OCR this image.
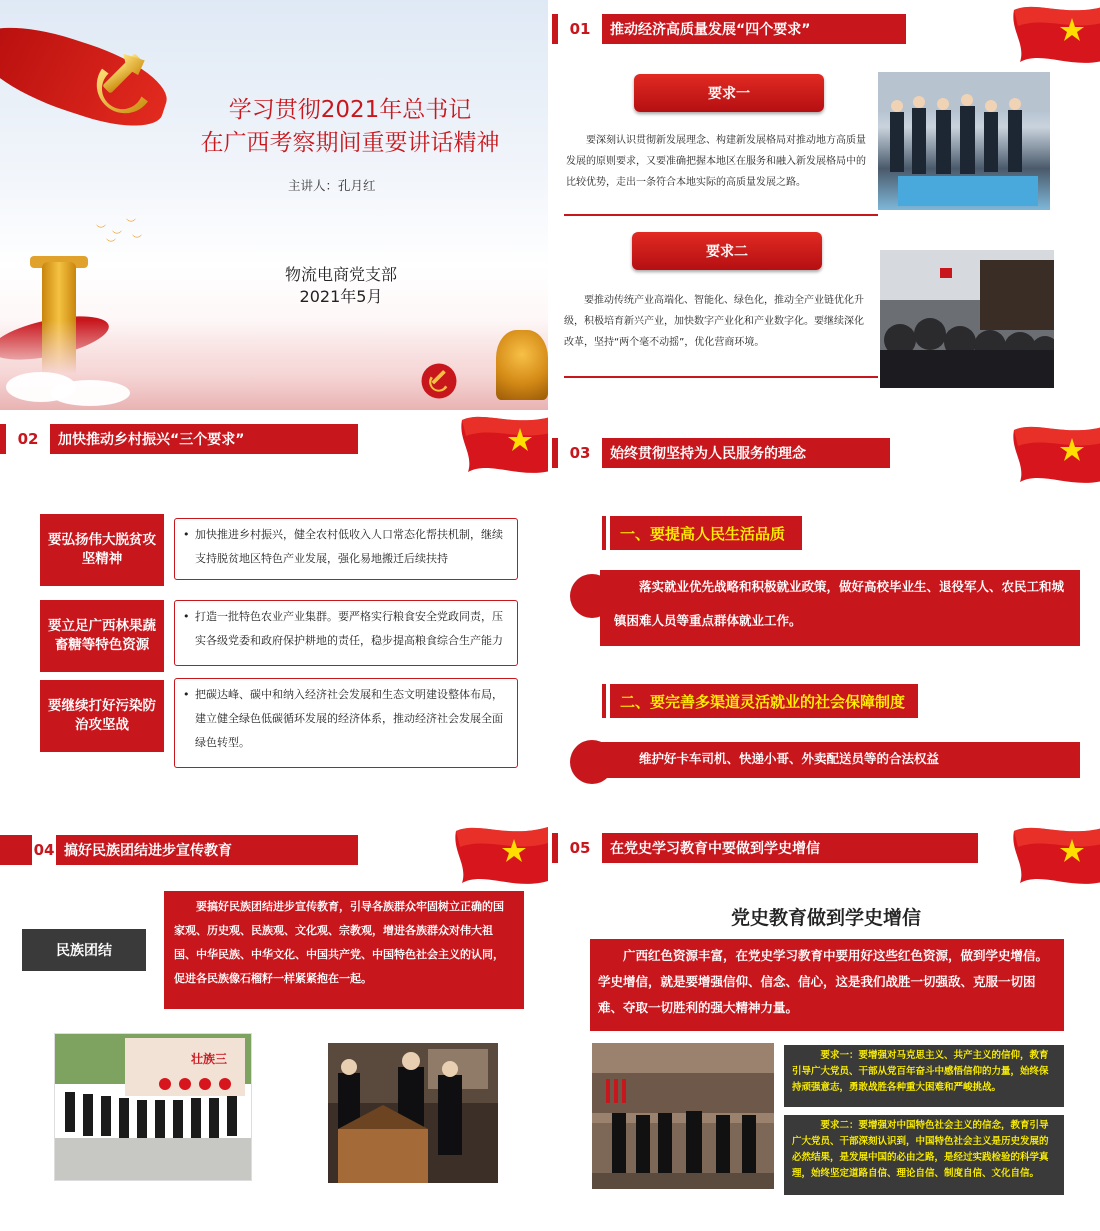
︶
︶
︶
︶ ︶
学习贯彻2021年总书记
在广西考察期间重要讲话精神
主讲人：孔月红
物流电商党支部
2021年5月
01	推动经济高质量发展“四个要求”
要求一
要深刻认识贯彻新发展理念、构建新发展格局对推动地方高质量发展的原则要求，又要准确把握本地区在服务和融入新发展格局中的比较优势，走出一条符合本地实际的高质量发展之路。
要求二
要推动传统产业高端化、智能化、绿色化，推动全产业链优化升级，积极培育新兴产业，加快数字产业化和产业数字化。要继续深化改革，坚持“两个毫不动摇”，优化营商环境。
02	加快推动乡村振兴“三个要求”
要弘扬伟大脱贫攻坚精神
• 加快推进乡村振兴，健全农村低收入人口常态化帮扶机制，继续支持脱贫地区特色产业发展，强化易地搬迁后续扶持
要立足广西林果蔬畜糖等特色资源
• 打造一批特色农业产业集群。要严格实行粮食安全党政同责，压实各级党委和政府保护耕地的责任，稳步提高粮食综合生产能力
要继续打好污染防治攻坚战
• 把碳达峰、碳中和纳入经济社会发展和生态文明建设整体布局，建立健全绿色低碳循环发展的经济体系，推动经济社会发展全面绿色转型。
03	始终贯彻坚持为人民服务的理念
一、要提高人民生活品质
落实就业优先战略和积极就业政策，做好高校毕业生、退役军人、农民工和城镇困难人员等重点群体就业工作。
二、要完善多渠道灵活就业的社会保障制度
维护好卡车司机、快递小哥、外卖配送员等的合法权益
04 搞好民族团结进步宣传教育
民族团结
要搞好民族团结进步宣传教育，引导各族群众牢固树立正确的国家观、历史观、民族观、文化观、宗教观，增进各族群众对伟大祖国、中华民族、中华文化、中国共产党、中国特色社会主义的认同，促进各民族像石榴籽一样紧紧抱在一起。
壮族三
05	在党史学习教育中要做到学史增信
党史教育做到学史增信
广西红色资源丰富，在党史学习教育中要用好这些红色资源，做到学史增信。学史增信，就是要增强信仰、信念、信心，这是我们战胜一切强敌、克服一切困难、夺取一切胜利的强大精神力量。
要求一：要增强对马克思主义、共产主义的信仰，教育引导广大党员、干部从党百年奋斗中感悟信仰的力量，始终保持顽强意志，勇敢战胜各种重大困难和严峻挑战。
要求二：要增强对中国特色社会主义的信念，教育引导广大党员、干部深刻认识到，中国特色社会主义是历史发展的必然结果，是发展中国的必由之路，是经过实践检验的科学真理，始终坚定道路自信、理论自信、制度自信、文化自信。
